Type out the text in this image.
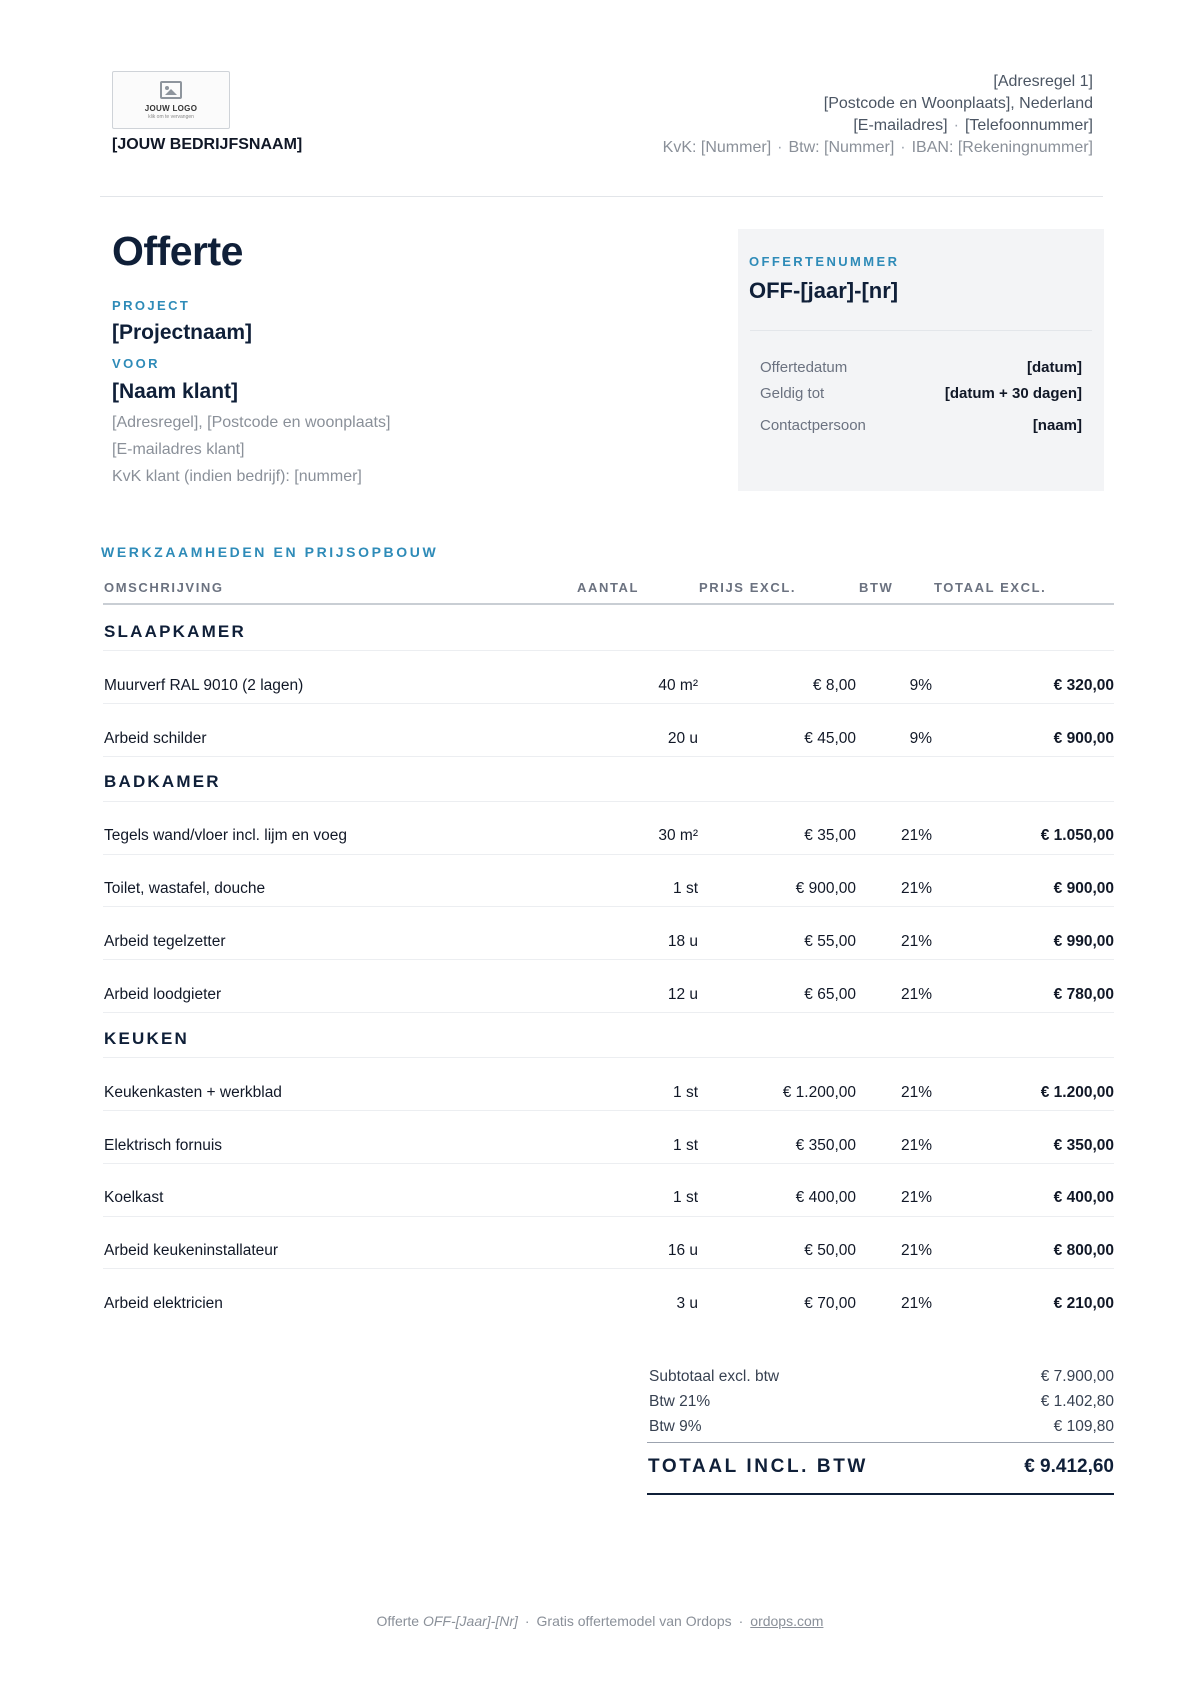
JOUW LOGO
klik om te vervangen
[JOUW BEDRIJFSNAAM]
[Adresregel 1]
[Postcode en Woonplaats], Nederland
[E-mailadres] · [Telefoonnummer]
KvK: [Nummer] · Btw: [Nummer] · IBAN: [Rekeningnummer]
Offerte
PROJECT
[Projectnaam]
VOOR
[Naam klant]
[Adresregel], [Postcode en woonplaats]
[E-mailadres klant]
KvK klant (indien bedrijf): [nummer]
OFFERTENUMMER
OFF-[jaar]-[nr]
Offertedatum	[datum]
Geldig tot	[datum + 30 dagen]
Contactpersoon	[naam]
WERKZAAMHEDEN EN PRIJSOPBOUW
OMSCHRIJVING	AANTAL	PRIJS EXCL.	BTW	TOTAAL EXCL.
SLAAPKAMER
Muurverf RAL 9010 (2 lagen)	40 m²	€ 8,00	9%	€ 320,00
Arbeid schilder	20 u	€ 45,00	9%	€ 900,00
BADKAMER
Tegels wand/vloer incl. lijm en voeg	30 m²	€ 35,00	21%	€ 1.050,00
Toilet, wastafel, douche	1 st	€ 900,00	21%	€ 900,00
Arbeid tegelzetter	18 u	€ 55,00	21%	€ 990,00
Arbeid loodgieter	12 u	€ 65,00	21%	€ 780,00
KEUKEN
Keukenkasten + werkblad	1 st	€ 1.200,00	21%	€ 1.200,00
Elektrisch fornuis	1 st	€ 350,00	21%	€ 350,00
Koelkast	1 st	€ 400,00	21%	€ 400,00
Arbeid keukeninstallateur	16 u	€ 50,00	21%	€ 800,00
Arbeid elektricien	3 u	€ 70,00	21%	€ 210,00
Subtotaal excl. btw	€ 7.900,00
Btw 21%	€ 1.402,80
Btw 9%	€ 109,80
TOTAAL INCL. BTW	€ 9.412,60
Offerte OFF-[Jaar]-[Nr] · Gratis offertemodel van Ordops · ordops.com
